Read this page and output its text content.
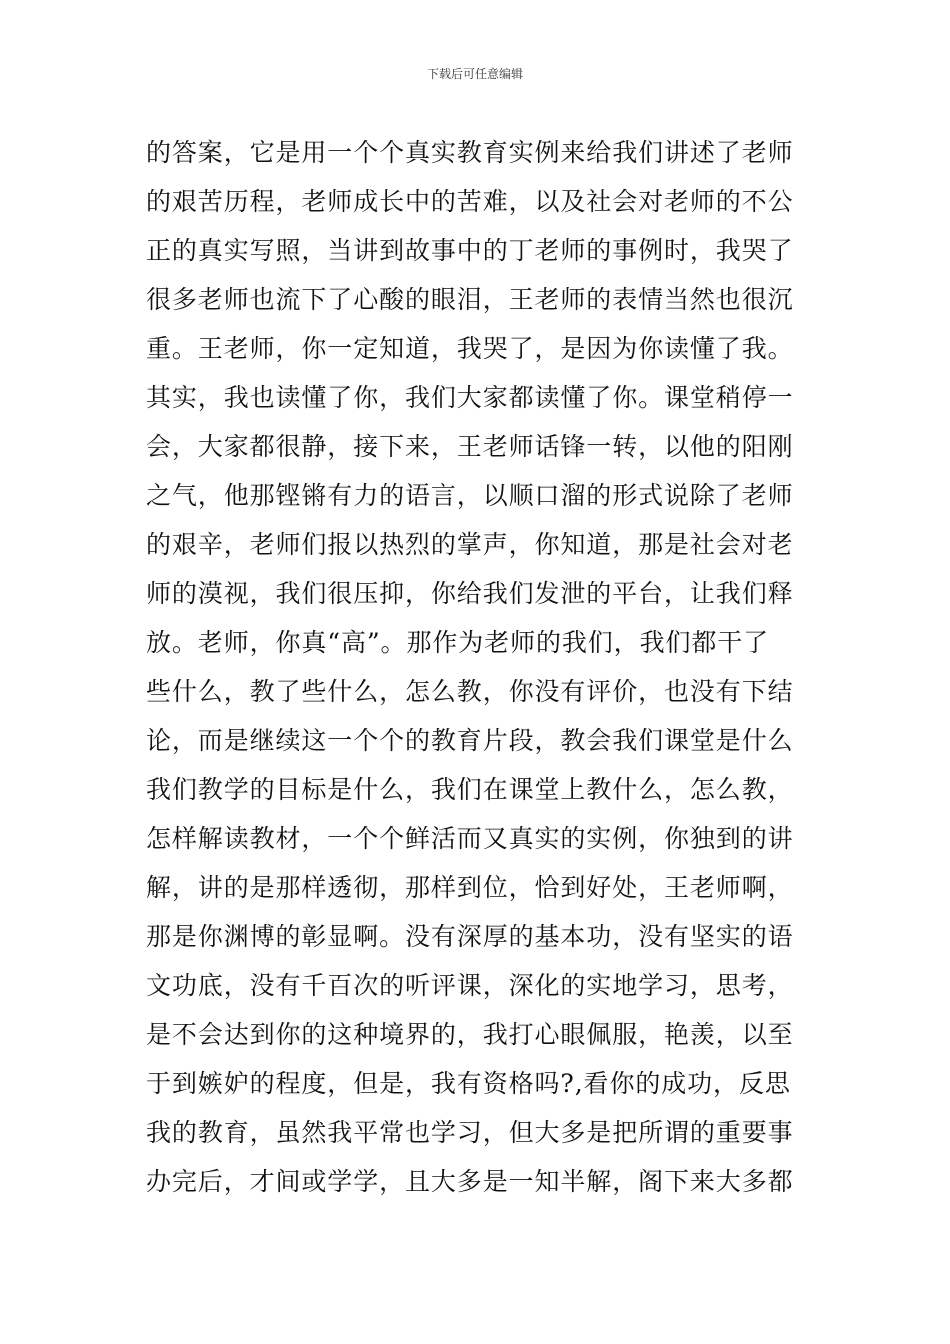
下载后可任意编辑
的答案，它是用一个个真实教育实例来给我们讲述了老师
的艰苦历程，老师成长中的苦难，以及社会对老师的不公
正的真实写照，当讲到故事中的丁老师的事例时，我哭了
很多老师也流下了心酸的眼泪，王老师的表情当然也很沉
重。王老师，你一定知道，我哭了，是因为你读懂了我。
其实，我也读懂了你，我们大家都读懂了你。课堂稍停一
会，大家都很静，接下来，王老师话锋一转，以他的阳刚
之气，他那铿锵有力的语言，以顺口溜的形式说除了老师
的艰辛，老师们报以热烈的掌声，你知道，那是社会对老
师的漠视，我们很压抑，你给我们发泄的平台，让我们释
放。老师，你真“高”。那作为老师的我们，我们都干了
些什么，教了些什么，怎么教，你没有评价，也没有下结
论，而是继续这一个个的教育片段，教会我们课堂是什么
我们教学的目标是什么，我们在课堂上教什么，怎么教，
怎样解读教材，一个个鲜活而又真实的实例，你独到的讲
解，讲的是那样透彻，那样到位，恰到好处，王老师啊，
那是你渊博的彰显啊。没有深厚的基本功，没有坚实的语
文功底，没有千百次的听评课，深化的实地学习，思考，
是不会达到你的这种境界的，我打心眼佩服，艳羡，以至
于到嫉妒的程度，但是，我有资格吗?,看你的成功，反思
我的教育，虽然我平常也学习，但大多是把所谓的重要事
办完后，才间或学学，且大多是一知半解，阁下来大多都
